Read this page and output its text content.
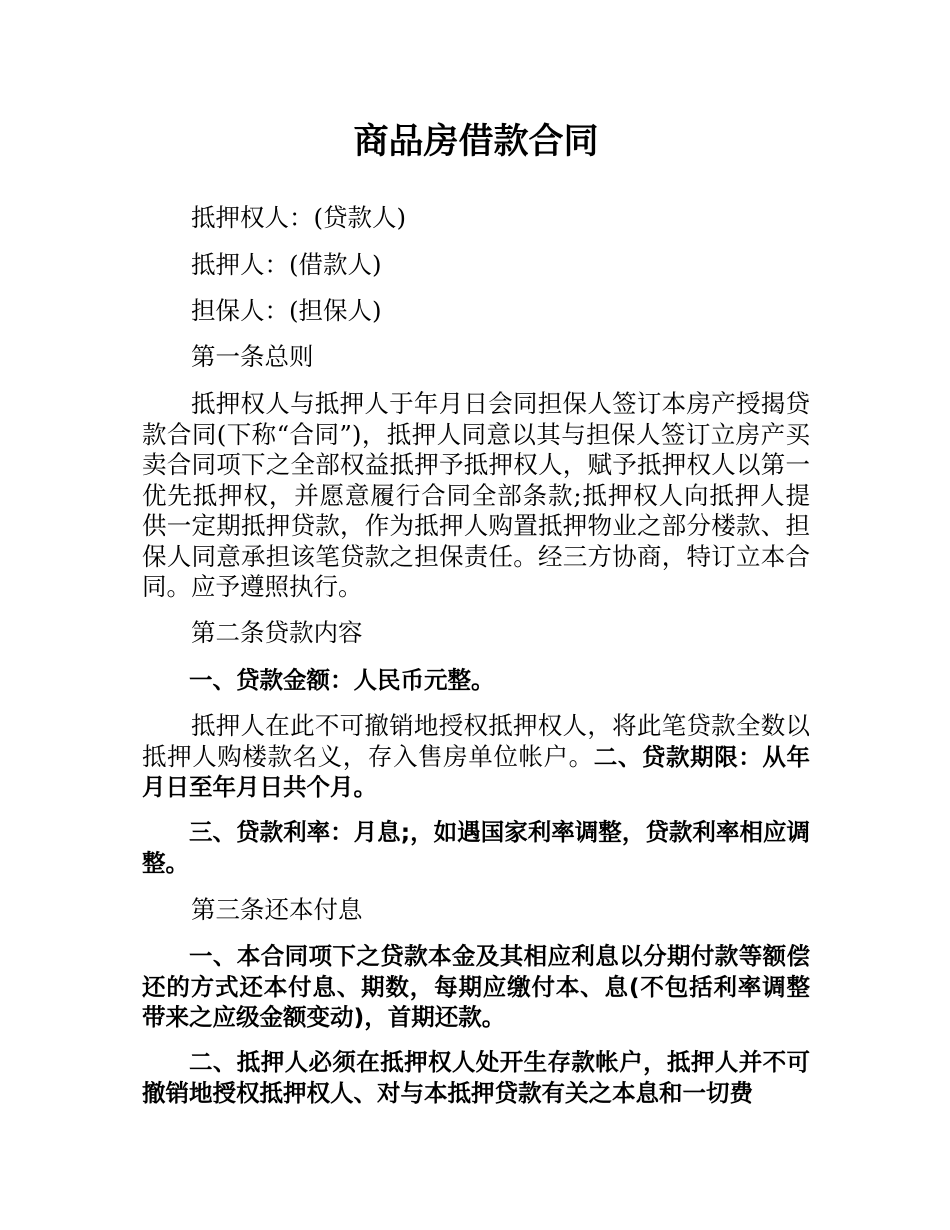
商品房借款合同

抵押权人：(贷款人)

抵押人：(借款人)

担保人：(担保人)

第一条总则

抵押权人与抵押人于年月日会同担保人签订本房产授揭贷款合同(下称“合同”)，抵押人同意以其与担保人签订立房产买卖合同项下之全部权益抵押予抵押权人，赋予抵押权人以第一优先抵押权，并愿意履行合同全部条款;抵押权人向抵押人提供一定期抵押贷款，作为抵押人购置抵押物业之部分楼款、担保人同意承担该笔贷款之担保责任。经三方协商，特订立本合同。应予遵照执行。

第二条贷款内容

一、贷款金额：人民币元整。

抵押人在此不可撤销地授权抵押权人，将此笔贷款全数以抵押人购楼款名义，存入售房单位帐户。二、贷款期限：从年月日至年月日共个月。

三、贷款利率：月息;，如遇国家利率调整，贷款利率相应调整。

第三条还本付息

一、本合同项下之贷款本金及其相应利息以分期付款等额偿还的方式还本付息、期数，每期应缴付本、息(不包括利率调整带来之应级金额变动)，首期还款。

二、抵押人必须在抵押权人处开生存款帐户，抵押人并不可撤销地授权抵押权人、对与本抵押贷款有关之本息和一切费
